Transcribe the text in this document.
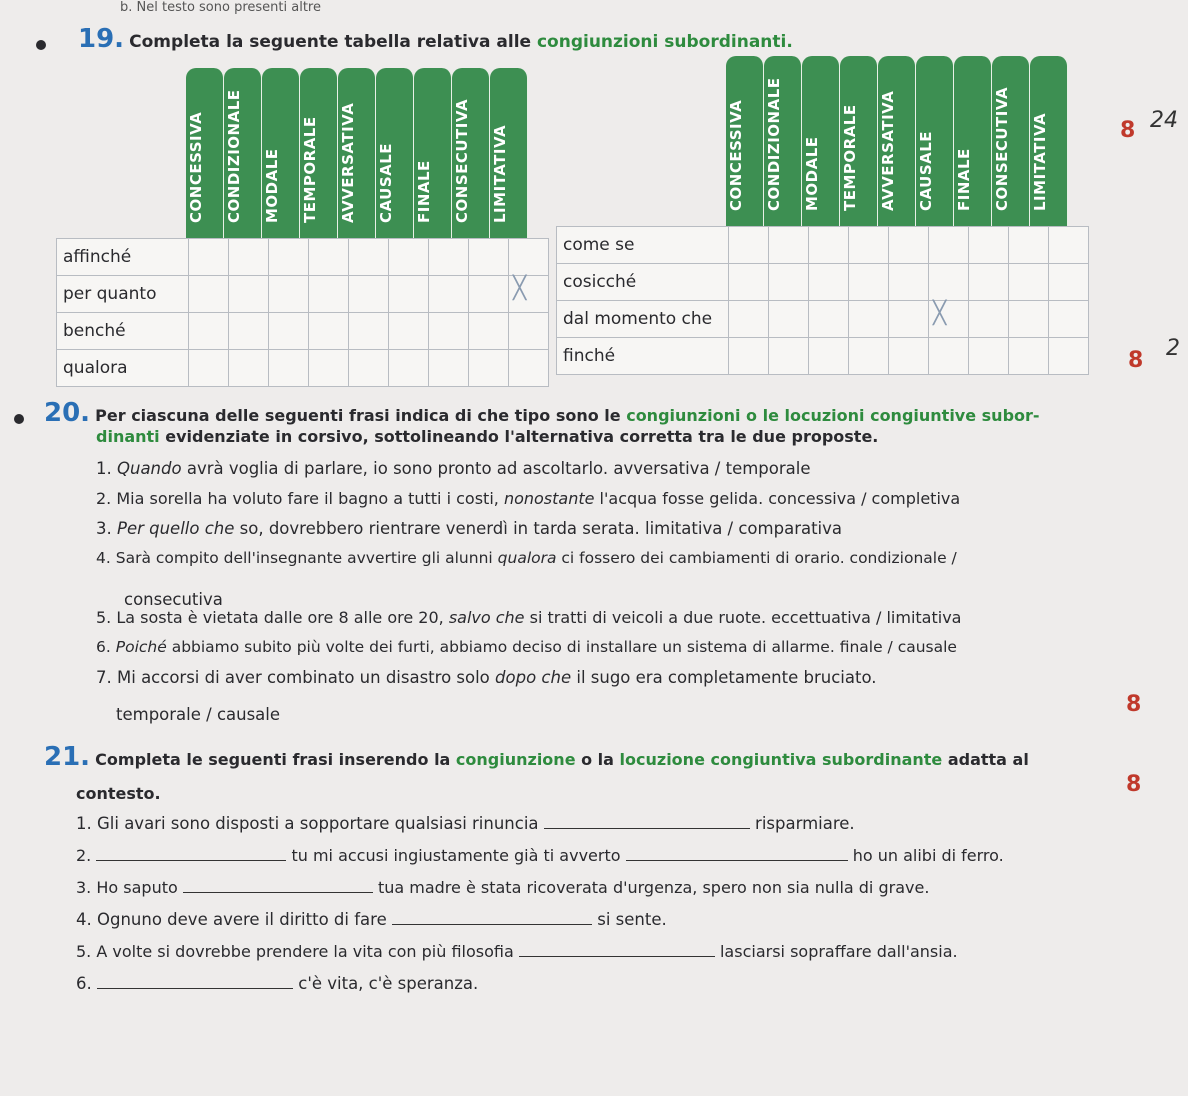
b. Nel testo sono presenti altre
19. Completa la seguente tabella relativa alle congiunzioni subordinanti.
CONCESSIVA CONDIZIONALE MODALE TEMPORALE AVVERSATIVA CAUSALE FINALE CONSECUTIVA LIMITATIVA
affinché									
per quanto									╳

benché									
qualora									
CONCESSIVA CONDIZIONALE MODALE TEMPORALE AVVERSATIVA CAUSALE FINALE CONSECUTIVA LIMITATIVA
come se									
cosicché									
dal momento che						╳			

finché									
8 24
8 2
20. Per ciascuna delle seguenti frasi indica di che tipo sono le congiunzioni o le locuzioni congiuntive subor-
dinanti evidenziate in corsivo, sottolineando l'alternativa corretta tra le due proposte.
1. Quando avrà voglia di parlare, io sono pronto ad ascoltarlo. avversativa / temporale
2. Mia sorella ha voluto fare il bagno a tutti i costi, nonostante l'acqua fosse gelida. concessiva / completiva
3. Per quello che so, dovrebbero rientrare venerdì in tarda serata. limitativa / comparativa
4. Sarà compito dell'insegnante avvertire gli alunni qualora ci fossero dei cambiamenti di orario. condizionale /
consecutiva
5. La sosta è vietata dalle ore 8 alle ore 20, salvo che si tratti di veicoli a due ruote. eccettuativa / limitativa
6. Poiché abbiamo subito più volte dei furti, abbiamo deciso di installare un sistema di allarme. finale / causale
7. Mi accorsi di aver combinato un disastro solo dopo che il sugo era completamente bruciato.
temporale / causale	8
21. Completa le seguenti frasi inserendo la congiunzione o la locuzione congiuntiva subordinante adatta al
contesto.	8
1. Gli avari sono disposti a sopportare qualsiasi rinuncia	risparmiare.
2.	tu mi accusi ingiustamente già ti avverto	ho un alibi di ferro.
3. Ho saputo	tua madre è stata ricoverata d'urgenza, spero non sia nulla di grave.
4. Ognuno deve avere il diritto di fare	si sente.
5. A volte si dovrebbe prendere la vita con più filosofia	lasciarsi sopraffare dall'ansia.
6.	c'è vita, c'è speranza.
